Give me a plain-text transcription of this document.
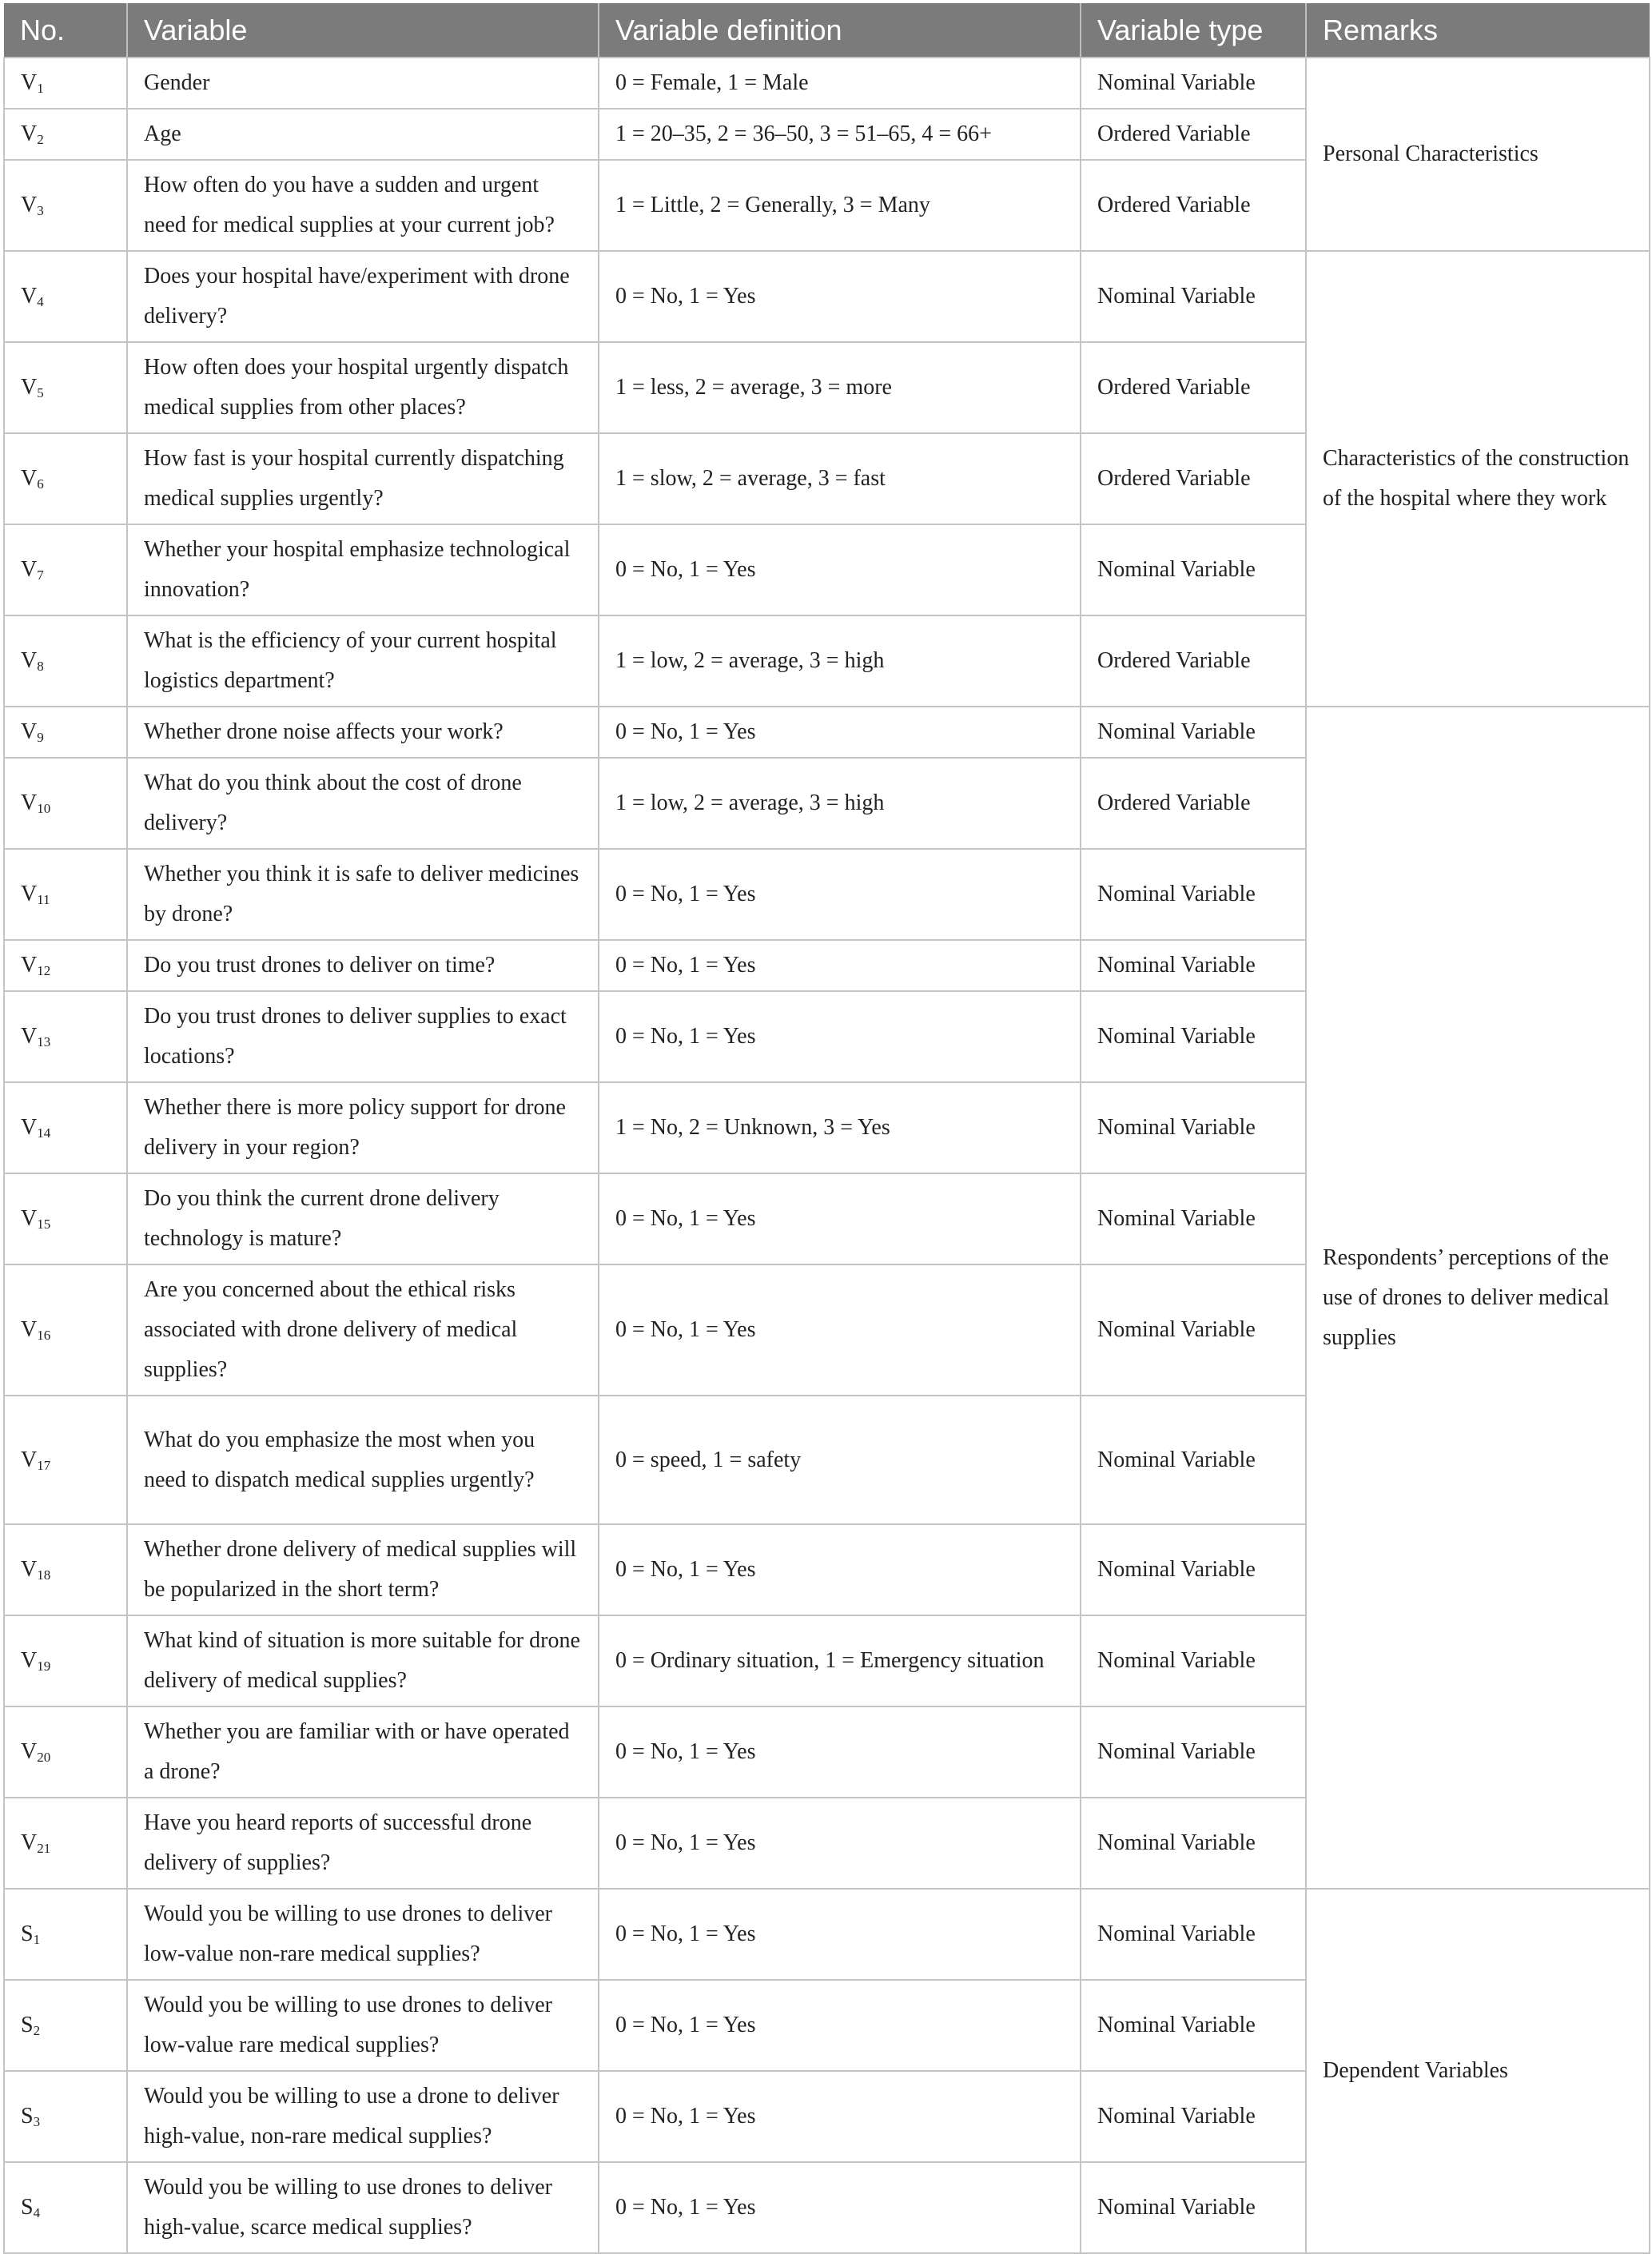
No.	Variable	Variable definition	Variable type	Remarks
$V_1$	Gender	0 = Female, 1 = Male	Nominal Variable	Personal Characteristics
$V_2$	Age	1 = 20–35, 2 = 36–50, 3 = 51–65, 4 = 66+	Ordered Variable	
$V_3$	How often do you have a sudden and urgent need for medical supplies at your current job?	1 = Little, 2 = Generally, 3 = Many	Ordered Variable	
$V_4$	Does your hospital have/experiment with drone delivery?	0 = No, 1 = Yes	Nominal Variable	Characteristics of the construction of the hospital where they work
$V_5$	How often does your hospital urgently dispatch medical supplies from other places?	1 = less, 2 = average, 3 = more	Ordered Variable	
$V_6$	How fast is your hospital currently dispatching medical supplies urgently?	1 = slow, 2 = average, 3 = fast	Ordered Variable	
$V_7$	Whether your hospital emphasize technological innovation?	0 = No, 1 = Yes	Nominal Variable	
$V_8$	What is the efficiency of your current hospital logistics department?	1 = low, 2 = average, 3 = high	Ordered Variable	
$V_9$	Whether drone noise affects your work?	0 = No, 1 = Yes	Nominal Variable	Respondents’ perceptions of the use of drones to deliver medical supplies
$V_{10}$	What do you think about the cost of drone delivery?	1 = low, 2 = average, 3 = high	Ordered Variable	
$V_{11}$	Whether you think it is safe to deliver medicines by drone?	0 = No, 1 = Yes	Nominal Variable	
$V_{12}$	Do you trust drones to deliver on time?	0 = No, 1 = Yes	Nominal Variable	
$V_{13}$	Do you trust drones to deliver supplies to exact locations?	0 = No, 1 = Yes	Nominal Variable	
$V_{14}$	Whether there is more policy support for drone delivery in your region?	1 = No, 2 = Unknown, 3 = Yes	Nominal Variable	
$V_{15}$	Do you think the current drone delivery technology is mature?	0 = No, 1 = Yes	Nominal Variable	
$V_{16}$	Are you concerned about the ethical risks associated with drone delivery of medical supplies?	0 = No, 1 = Yes	Nominal Variable	
$V_{17}$	What do you emphasize the most when you need to dispatch medical supplies urgently?	0 = speed, 1 = safety	Nominal Variable	
$V_{18}$	Whether drone delivery of medical supplies will be popularized in the short term?	0 = No, 1 = Yes	Nominal Variable	
$V_{19}$	What kind of situation is more suitable for drone delivery of medical supplies?	0 = Ordinary situation, 1 = Emergency situation	Nominal Variable	
$V_{20}$	Whether you are familiar with or have operated a drone?	0 = No, 1 = Yes	Nominal Variable	
$V_{21}$	Have you heard reports of successful drone delivery of supplies?	0 = No, 1 = Yes	Nominal Variable	
$S_1$	Would you be willing to use drones to deliver low-value non-rare medical supplies?	0 = No, 1 = Yes	Nominal Variable	Dependent Variables
$S_2$	Would you be willing to use drones to deliver low-value rare medical supplies?	0 = No, 1 = Yes	Nominal Variable	
$S_3$	Would you be willing to use a drone to deliver high-value, non-rare medical supplies?	0 = No, 1 = Yes	Nominal Variable	
$S_4$	Would you be willing to use drones to deliver high-value, scarce medical supplies?	0 = No, 1 = Yes	Nominal Variable	
